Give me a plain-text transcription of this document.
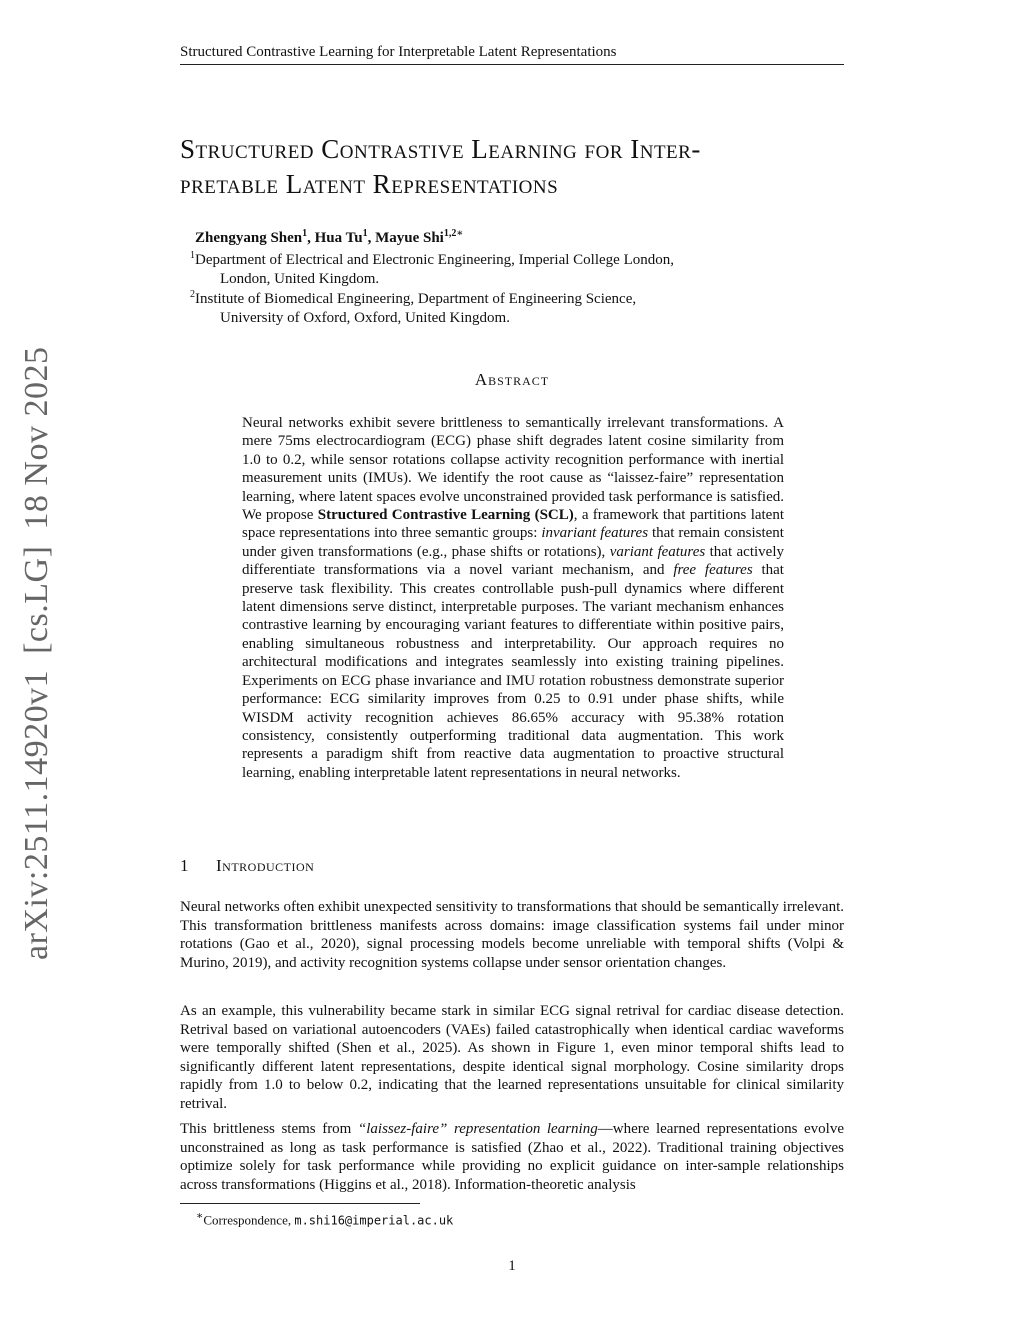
Structured Contrastive Learning for Interpretable Latent Representations
Structured Contrastive Learning for Inter-
pretable Latent Representations
Zhengyang Shen$^1$, Hua Tu$^1$, Mayue Shi$^{1,2∗}$
$^1$Department of Electrical and Electronic Engineering, Imperial College London,
London, United Kingdom.
$^2$Institute of Biomedical Engineering, Department of Engineering Science,
University of Oxford, Oxford, United Kingdom.
Abstract
Neural networks exhibit severe brittleness to semantically irrelevant transformations. A mere 75ms electrocardiogram (ECG) phase shift degrades latent cosine similarity from 1.0 to 0.2, while sensor rotations collapse activity recognition performance with inertial measurement units (IMUs). We identify the root cause as “laissez-faire” representation learning, where latent spaces evolve unconstrained provided task performance is satisfied. We propose Structured Contrastive Learning (SCL), a framework that partitions latent space representations into three semantic groups: invariant features that remain consistent under given transformations (e.g., phase shifts or rotations), variant features that actively differentiate transformations via a novel variant mechanism, and free features that preserve task flexibility. This creates controllable push-pull dynamics where different latent dimensions serve distinct, interpretable purposes. The variant mechanism enhances contrastive learning by encouraging variant features to differentiate within positive pairs, enabling simultaneous robustness and interpretability. Our approach requires no architectural modifications and integrates seamlessly into existing training pipelines. Experiments on ECG phase invariance and IMU rotation robustness demonstrate superior performance: ECG similarity improves from 0.25 to 0.91 under phase shifts, while WISDM activity recognition achieves 86.65% accuracy with 95.38% rotation consistency, consistently outperforming traditional data augmentation. This work represents a paradigm shift from reactive data augmentation to proactive structural learning, enabling interpretable latent representations in neural networks.
1 Introduction

Neural networks often exhibit unexpected sensitivity to transformations that should be semantically irrelevant. This transformation brittleness manifests across domains: image classification systems fail under minor rotations (Gao et al., 2020), signal processing models become unreliable with temporal shifts (Volpi & Murino, 2019), and activity recognition systems collapse under sensor orientation changes.

As an example, this vulnerability became stark in similar ECG signal retrival for cardiac disease detection. Retrival based on variational autoencoders (VAEs) failed catastrophically when identical cardiac waveforms were temporally shifted (Shen et al., 2025). As shown in Figure 1, even minor temporal shifts lead to significantly different latent representations, despite identical signal morphology. Cosine similarity drops rapidly from 1.0 to below 0.2, indicating that the learned representations unsuitable for clinical similarity retrival.

This brittleness stems from “laissez-faire” representation learning—where learned representations evolve unconstrained as long as task performance is satisfied (Zhao et al., 2022). Traditional training objectives optimize solely for task performance while providing no explicit guidance on inter-sample relationships across transformations (Higgins et al., 2018). Information-theoretic analysis

∗Correspondence, m.shi16@imperial.ac.uk
1
arXiv:2511.14920v1[cs.LG]18 Nov 2025
